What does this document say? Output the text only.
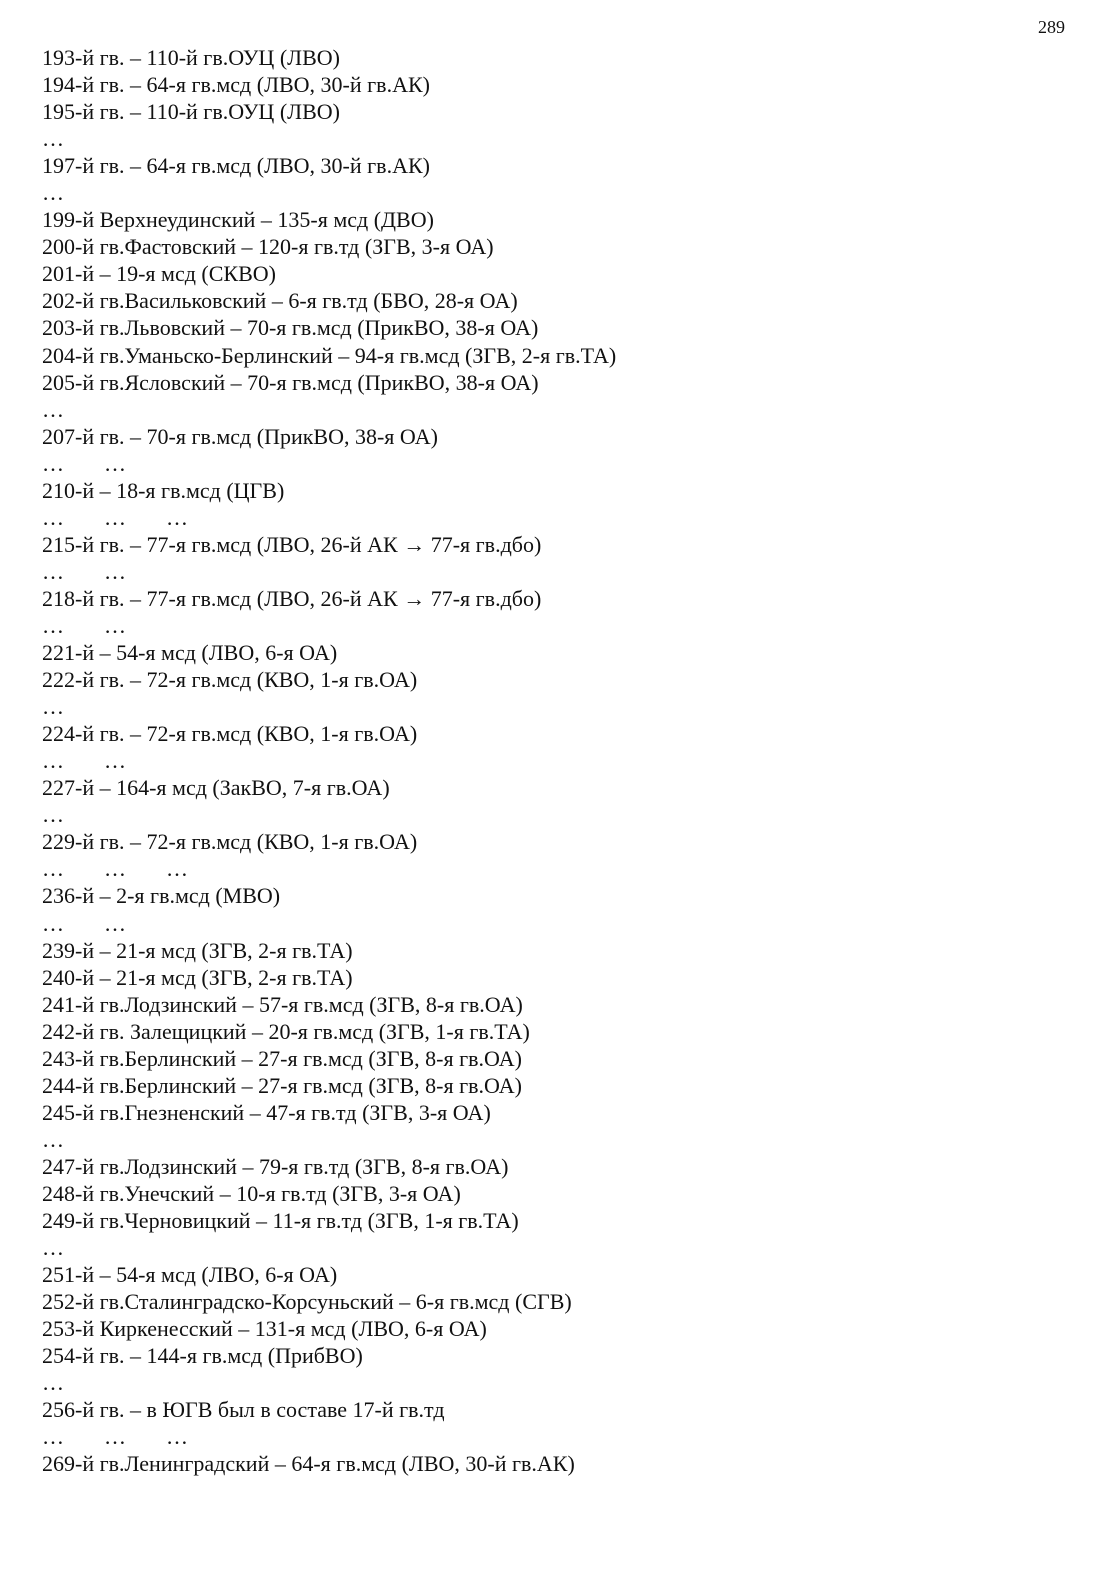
289
193-й гв. – 110-й гв.ОУЦ (ЛВО)
194-й гв. – 64-я гв.мсд (ЛВО, 30-й гв.АК)
195-й гв. – 110-й гв.ОУЦ (ЛВО)
…
197-й гв. – 64-я гв.мсд (ЛВО, 30-й гв.АК)
…
199-й Верхнеудинский – 135-я мсд (ДВО)
200-й гв.Фастовский – 120-я гв.тд (ЗГВ, 3-я ОА)
201-й – 19-я мсд (СКВО)
202-й гв.Васильковский – 6-я гв.тд (БВО, 28-я ОА)
203-й гв.Львовский – 70-я гв.мсд (ПрикВО, 38-я ОА)
204-й гв.Уманьско-Берлинский – 94-я гв.мсд (ЗГВ, 2-я гв.ТА)
205-й гв.Ясловский – 70-я гв.мсд (ПрикВО, 38-я ОА)
…
207-й гв. – 70-я гв.мсд (ПрикВО, 38-я ОА)
…      …
210-й – 18-я гв.мсд (ЦГВ)
…      …      …
215-й гв. – 77-я гв.мсд (ЛВО, 26-й АК → 77-я гв.дбо)
…      …
218-й гв. – 77-я гв.мсд (ЛВО, 26-й АК → 77-я гв.дбо)
…      …
221-й – 54-я мсд (ЛВО, 6-я ОА)
222-й гв. – 72-я гв.мсд (КВО, 1-я гв.ОА)
…
224-й гв. – 72-я гв.мсд (КВО, 1-я гв.ОА)
…      …
227-й – 164-я мсд (ЗакВО, 7-я гв.ОА)
…
229-й гв. – 72-я гв.мсд (КВО, 1-я гв.ОА)
…      …      …
236-й – 2-я гв.мсд (МВО)
…      …
239-й – 21-я мсд (ЗГВ, 2-я гв.ТА)
240-й – 21-я мсд (ЗГВ, 2-я гв.ТА)
241-й гв.Лодзинский – 57-я гв.мсд (ЗГВ, 8-я гв.ОА)
242-й гв. Залещицкий – 20-я гв.мсд (ЗГВ, 1-я гв.ТА)
243-й гв.Берлинский – 27-я гв.мсд (ЗГВ, 8-я гв.ОА)
244-й гв.Берлинский – 27-я гв.мсд (ЗГВ, 8-я гв.ОА)
245-й гв.Гнезненский – 47-я гв.тд (ЗГВ, 3-я ОА)
…
247-й гв.Лодзинский – 79-я гв.тд (ЗГВ, 8-я гв.ОА)
248-й гв.Унечский – 10-я гв.тд (ЗГВ, 3-я ОА)
249-й гв.Черновицкий – 11-я гв.тд (ЗГВ, 1-я гв.ТА)
…
251-й – 54-я мсд (ЛВО, 6-я ОА)
252-й гв.Сталинградско-Корсуньский – 6-я гв.мсд (СГВ)
253-й Киркенесский – 131-я мсд (ЛВО, 6-я ОА)
254-й гв. – 144-я гв.мсд (ПрибВО)
…
256-й гв. – в ЮГВ был в составе 17-й гв.тд
…      …      …
269-й гв.Ленинградский – 64-я гв.мсд (ЛВО, 30-й гв.АК)
